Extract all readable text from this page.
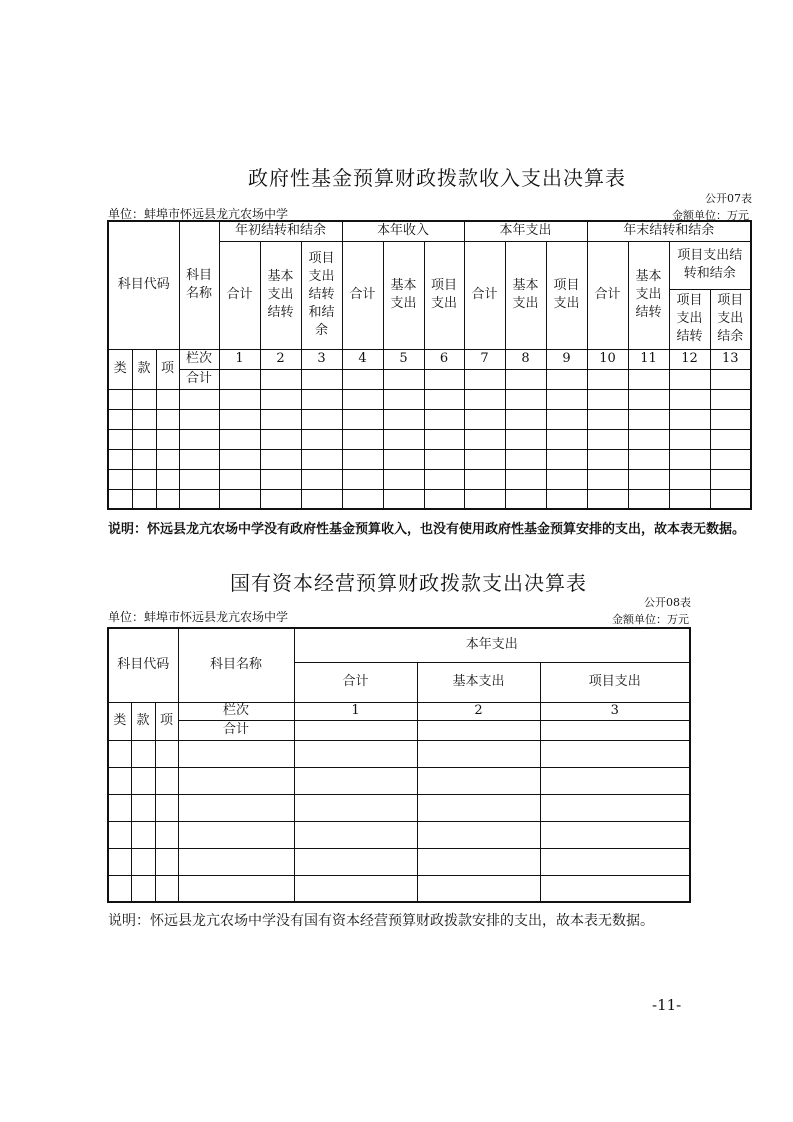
政府性基金预算财政拨款收入支出决算表
公开07表
单位：蚌埠市怀远县龙亢农场中学	金额单位：万元
科目代码			科目名称	年初结转和结余			本年收入			本年支出			年末结转和结余			
				合计	基本支出结转	项目支出结转和结余	合计	基本支出	项目支出	合计	基本支出	项目支出	合计	基本支出结转	项目支出结转和结余	
															项目支出结转	项目支出结余
类	款	项	栏次	1	2	3	4	5	6	7	8	9	10	11	12	13
			合计													

说明：怀远县龙亢农场中学没有政府性基金预算收入，也没有使用政府性基金预算安排的支出，故本表无数据。
国有资本经营预算财政拨款支出决算表
公开08表
单位：蚌埠市怀远县龙亢农场中学	金额单位：万元
科目代码			科目名称	本年支出		
				合计	基本支出	项目支出
类	款	项	栏次	1	2	3
			合计			

说明：怀远县龙亢农场中学没有国有资本经营预算财政拨款安排的支出，故本表无数据。
-11-
